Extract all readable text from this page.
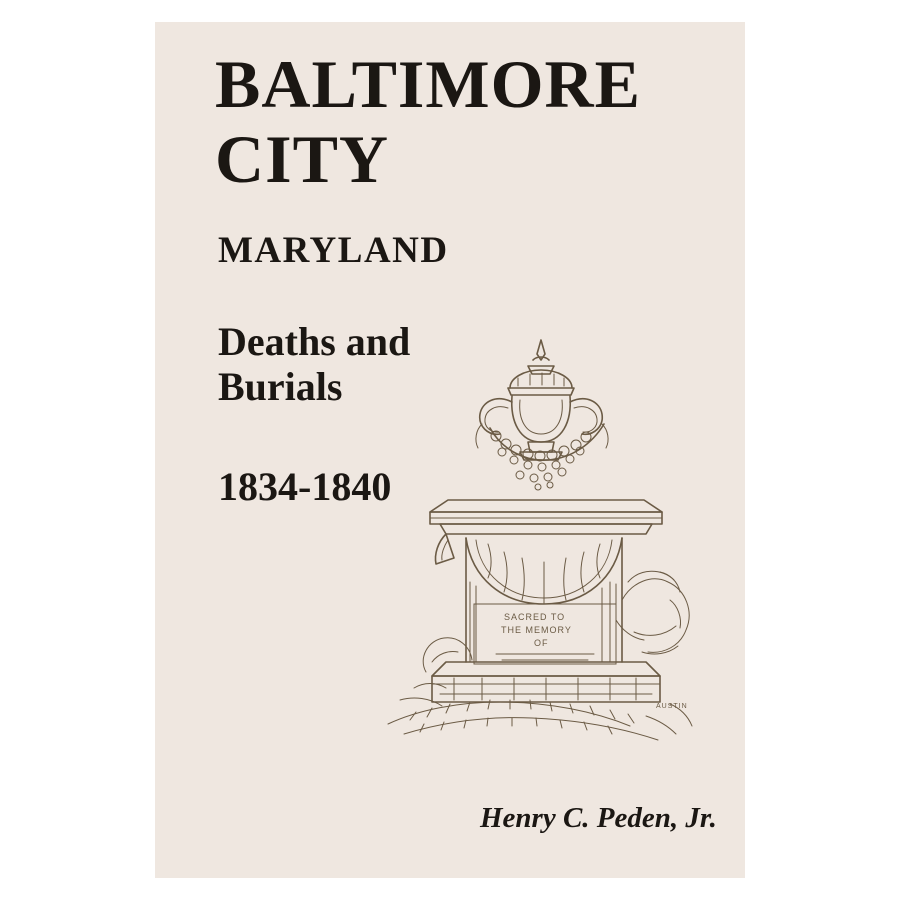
BALTIMORE
CITY
MARYLAND
Deaths and
Burials
1834-1840
SACRED TO
THE MEMORY
OF
AUSTIN
Henry C. Peden, Jr.
